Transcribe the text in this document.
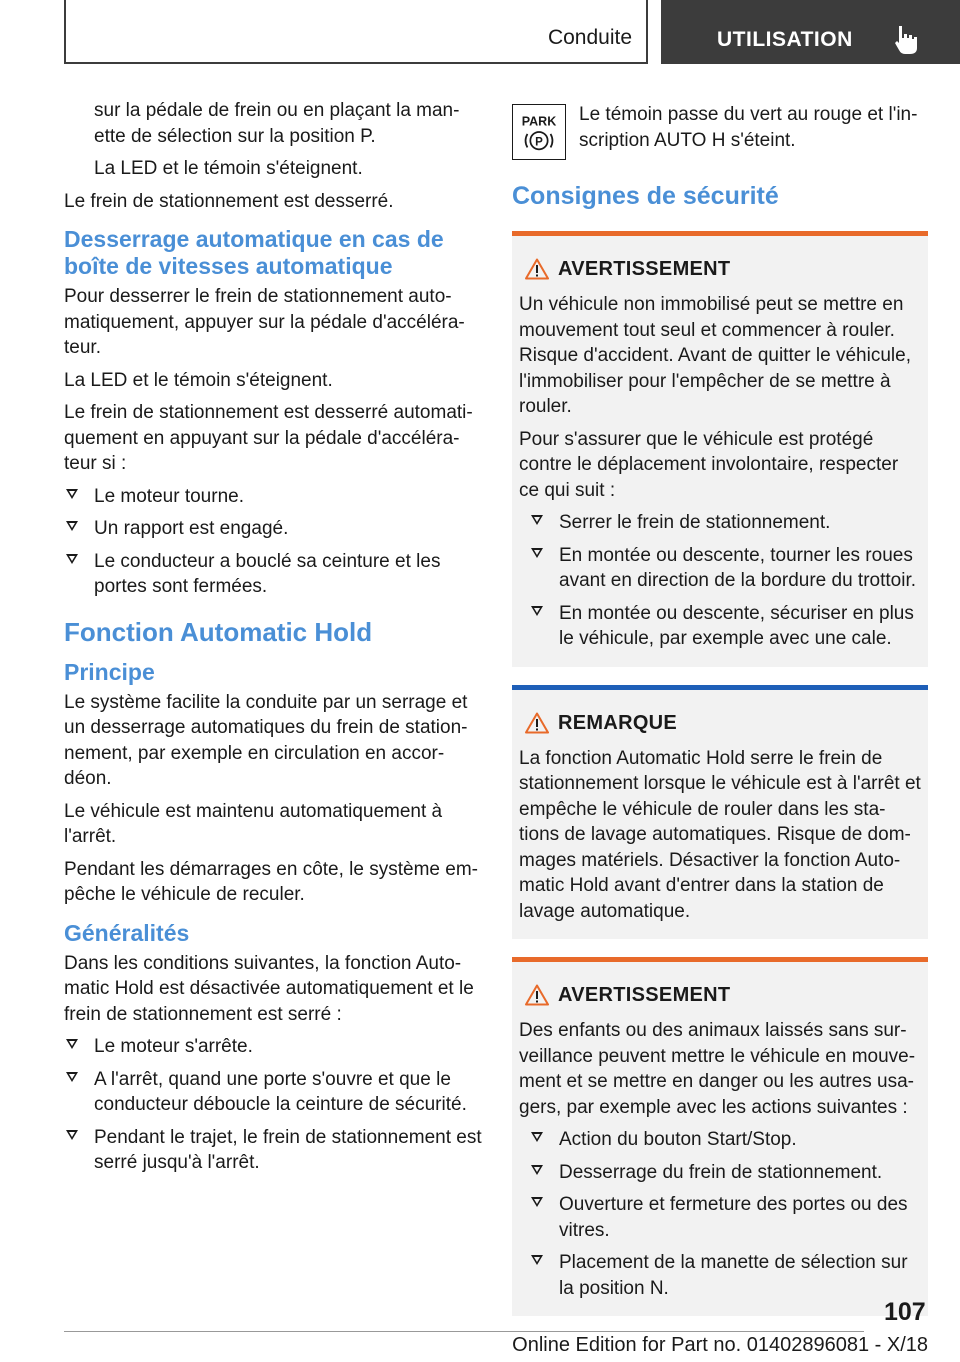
Conduite	UTILISATION

sur la pédale de frein ou en plaçant la man-ette de sélection sur la position P.

La LED et le témoin s'éteignent.

Le frein de stationnement est desserré.

Desserrage automatique en cas de boîte de vitesses automatique

Pour desserrer le frein de stationnement auto-matiquement, appuyer sur la pédale d'accéléra-teur.

La LED et le témoin s'éteignent.

Le frein de stationnement est desserré automati-quement en appuyant sur la pédale d'accéléra-teur si :

Le moteur tourne.
Un rapport est engagé.
Le conducteur a bouclé sa ceinture et les portes sont fermées.
Fonction Automatic Hold
Principe

Le système facilite la conduite par un serrage et un desserrage automatiques du frein de station-nement, par exemple en circulation en accor-déon.

Le véhicule est maintenu automatiquement à l'arrêt.

Pendant les démarrages en côte, le système em-pêche le véhicule de reculer.

Généralités

Dans les conditions suivantes, la fonction Auto-matic Hold est désactivée automatiquement et le frein de stationnement est serré :

Le moteur s'arrête.
A l'arrêt, quand une porte s'ouvre et que le conducteur déboucle la ceinture de sécurité.
Pendant le trajet, le frein de stationnement est serré jusqu'à l'arrêt.
PARK
P

Le témoin passe du vert au rouge et l'in-scription AUTO H s'éteint.

Consignes de sécurité
AVERTISSEMENT

Un véhicule non immobilisé peut se mettre en mouvement tout seul et commencer à rouler. Risque d'accident. Avant de quitter le véhicule, l'immobiliser pour l'empêcher de se mettre à rouler.

Pour s'assurer que le véhicule est protégé contre le déplacement involontaire, respecter ce qui suit :

Serrer le frein de stationnement.
En montée ou descente, tourner les roues avant en direction de la bordure du trottoir.
En montée ou descente, sécuriser en plus le véhicule, par exemple avec une cale.
REMARQUE

La fonction Automatic Hold serre le frein de stationnement lorsque le véhicule est à l'arrêt et empêche le véhicule de rouler dans les sta-tions de lavage automatiques. Risque de dom-mages matériels. Désactiver la fonction Auto-matic Hold avant d'entrer dans la station de lavage automatique.

AVERTISSEMENT

Des enfants ou des animaux laissés sans sur-veillance peuvent mettre le véhicule en mouve-ment et se mettre en danger ou les autres usa-gers, par exemple avec les actions suivantes :

Action du bouton Start/Stop.
Desserrage du frein de stationnement.
Ouverture et fermeture des portes ou des vitres.
Placement de la manette de sélection sur la position N.
107
Online Edition for Part no. 01402896081 - X/18
